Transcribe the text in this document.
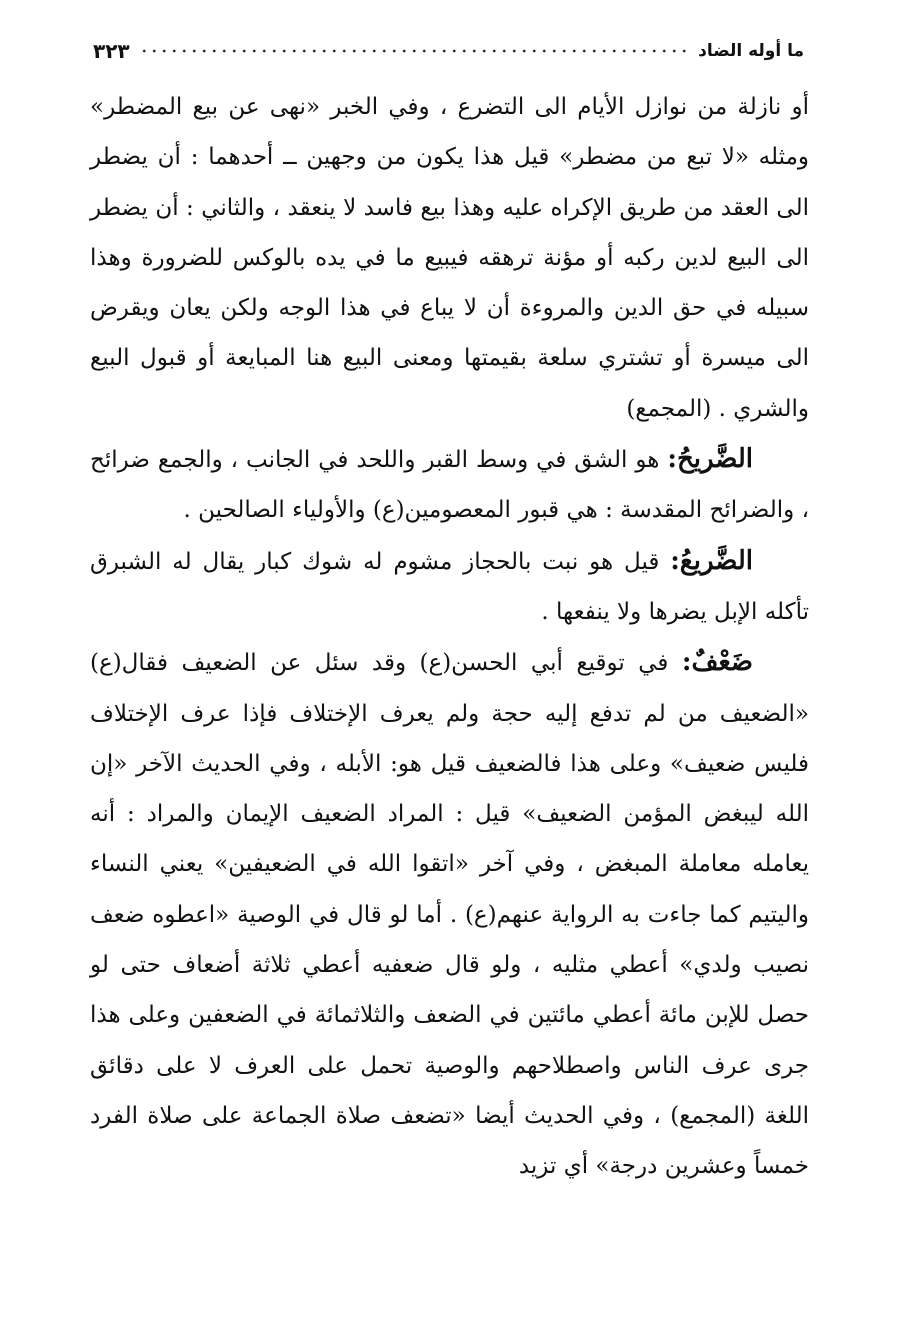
ما أوله الضاد
٣٢٣

أو نازلة من نوازل الأيام الى التضرع ، وفي الخبر «نهى عن بيع المضطر» ومثله «لا تبع من مضطر» قيل هذا يكون من وجهين ــ أحدهما : أن يضطر الى العقد من طريق الإكراه عليه وهذا بيع فاسد لا ينعقد ، والثاني : أن يضطر الى البيع لدين ركبه أو مؤنة ترهقه فيبيع ما في يده بالوكس للضرورة وهذا سبيله في حق الدين والمروءة أن لا يباع في هذا الوجه ولكن يعان ويقرض الى ميسرة أو تشتري سلعة بقيمتها ومعنى البيع هنا المبايعة أو قبول البيع والشري . (المجمع)

الضَّريحُ: هو الشق في وسط القبر واللحد في الجانب ، والجمع ضرائح ، والضرائح المقدسة : هي قبور المعصومين(ع) والأولياء الصالحين .

الضَّريعُ: قيل هو نبت بالحجاز مشوم له شوك كبار يقال له الشبرق تأكله الإبل يضرها ولا ينفعها .

ضَعْفٌ: في توقيع أبي الحسن(ع) وقد سئل عن الضعيف فقال(ع) «الضعيف من لم تدفع إليه حجة ولم يعرف الإختلاف فإذا عرف الإختلاف فليس ضعيف» وعلى هذا فالضعيف قيل هو: الأبله ، وفي الحديث الآخر «إن الله ليبغض المؤمن الضعيف» قيل : المراد الضعيف الإيمان والمراد : أنه يعامله معاملة المبغض ، وفي آخر «اتقوا الله في الضعيفين» يعني النساء واليتيم كما جاءت به الرواية عنهم(ع) . أما لو قال في الوصية «اعطوه ضعف نصيب ولدي» أعطي مثليه ، ولو قال ضعفيه أعطي ثلاثة أضعاف حتى لو حصل للإبن مائة أعطي مائتين في الضعف والثلاثمائة في الضعفين وعلى هذا جرى عرف الناس واصطلاحهم والوصية تحمل على العرف لا على دقائق اللغة (المجمع) ، وفي الحديث أيضا «تضعف صلاة الجماعة على صلاة الفرد خمساً وعشرين درجة» أي تزيد
